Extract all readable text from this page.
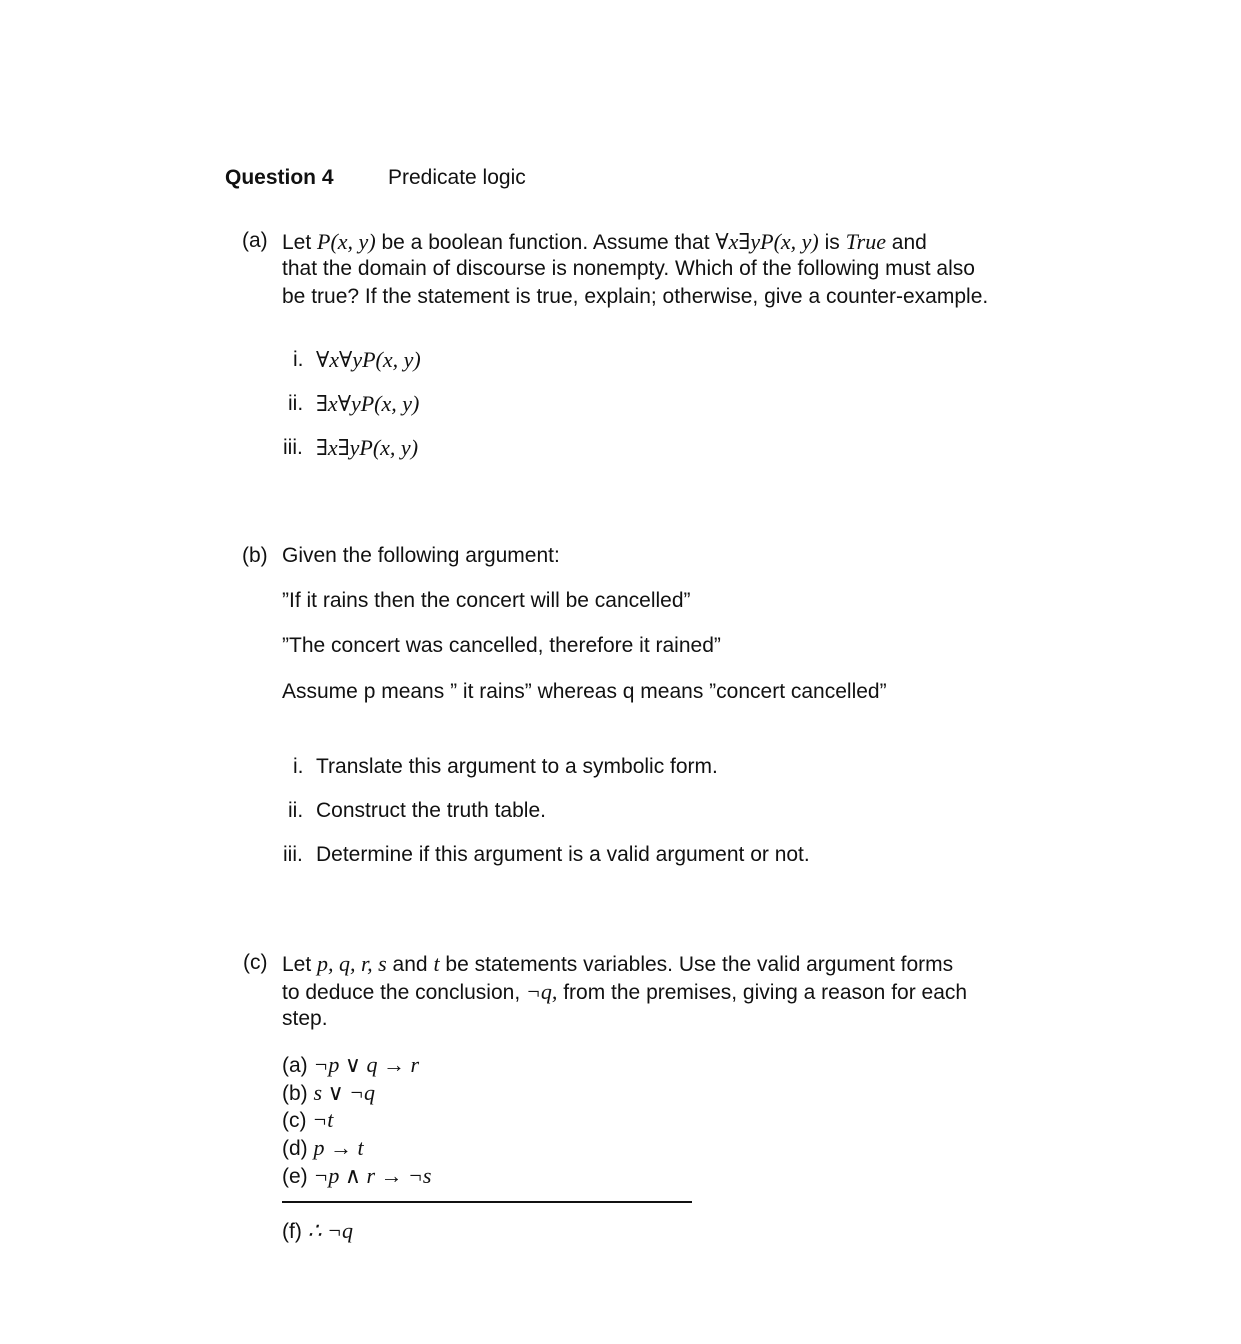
Question 4	Predicate logic
(a) Let P(x, y) be a boolean function. Assume that ∀x∃yP(x, y) is True and
that the domain of discourse is nonempty. Which of the following must also
be true? If the statement is true, explain; otherwise, give a counter-example.
i. ∀x∀yP(x, y)
ii. ∃x∀yP(x, y)
iii. ∃x∃yP(x, y)
(b) Given the following argument:
”If it rains then the concert will be cancelled”
”The concert was cancelled, therefore it rained”
Assume p means ” it rains” whereas q means ”concert cancelled”
i. Translate this argument to a symbolic form.
ii. Construct the truth table.
iii. Determine if this argument is a valid argument or not.
(c) Let p, q, r, s and t be statements variables. Use the valid argument forms
to deduce the conclusion, ¬q, from the premises, giving a reason for each
step.
(a) ¬p ∨ q → r
(b) s ∨ ¬q
(c) ¬t
(d) p → t
(e) ¬p ∧ r → ¬s
(f) ∴ ¬q
